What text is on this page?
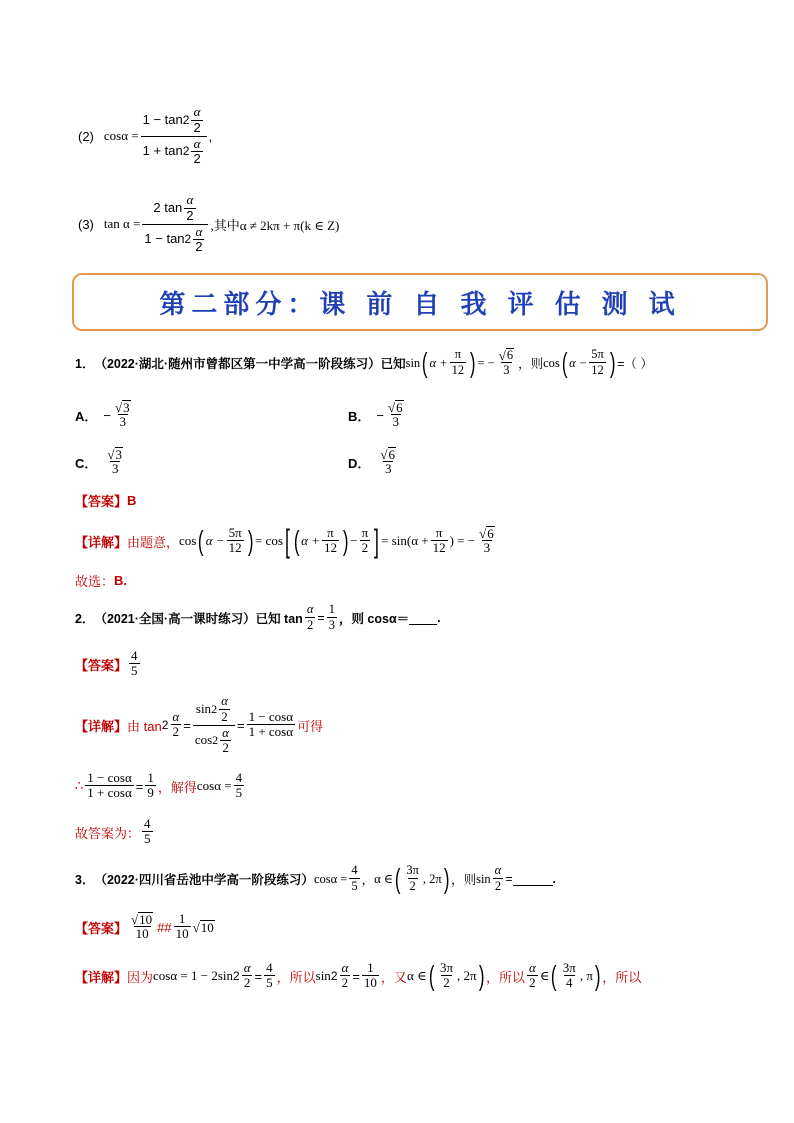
(2) $\cos\alpha = \frac{1 - \tan 2 \frac{\alpha}{2}}{1 + \tan 2 \frac{\alpha}{2}}$ ,
(3) $\tan \alpha = \frac{2 \tan \frac{\alpha}{2}}{1 - \tan 2 \frac{\alpha}{2}}$ ,其中α ≠ 2kπ + π(k ∈ Z)
第二部分：课 前 自 我 评 估 测 试
1． （2022·湖北·随州市曾都区第一中学高一阶段练习）已知 sin ( $\alpha + \frac{\pi}{12}$ ) = − $\frac{√ 6}{3}$ ，则 cos ( $\alpha - \frac{5\pi}{12}$ ) =（ ）
A． − $\frac{√ 3}{3}$	B． − $\frac{√ 6}{3}$
C． $\frac{√ 3}{3}$	D． $\frac{√ 6}{3}$
【答案】 B
【详解】 由题意， cos ( $\alpha - \frac{5\pi}{12}$ ) = cos [ ( $\alpha + \frac{\pi}{12}$ ) − $\frac{\pi}{2}$ ] = $\sin(\alpha + \frac{\pi}{12}$ ) = − $\frac{√ 6}{3}$
故选： B.
2． （2021·全国·高一课时练习）已知 $\tan \frac{\alpha}{2} = \frac{1}{3}$ ，则 cosα＝ .
【答案】 $\frac{4}{5}$
【详解】 由 $\tan 2 \frac{\alpha}{2} = \frac{\sin 2 \frac{\alpha}{2}}{\cos 2 \frac{\alpha}{2}} = \frac{1 - \cos\alpha}{1 + \cos\alpha}$ 可得
∴ $\frac{1 - \cos\alpha}{1 + \cos\alpha} = \frac{1}{9}$ ，解得 $\cos\alpha = \frac{4}{5}$
故答案为： $\frac{4}{5}$
3． （2022·四川省岳池中学高一阶段练习） $\cos\alpha = \frac{4}{5}$ ， α ∈ ( $\frac{3\pi}{2}$ , 2π ) ，则 $\sin \frac{\alpha}{2}$ =	.
【答案】 $\frac{√ 10}{10}$ ## $\frac{1}{10}$ √ 10
【详解】 因为 cosα = 1 − 2sin $2 \frac{\alpha}{2} = \frac{4}{5}$ ，所以 $\sin 2 \frac{\alpha}{2} = \frac{1}{10}$ ，又 α ∈ ( $\frac{3\pi}{2}$ , 2π ) ，所以 $\frac{\alpha}{2}$ ∈ ( $\frac{3\pi}{4}$ , π ) ，所以
